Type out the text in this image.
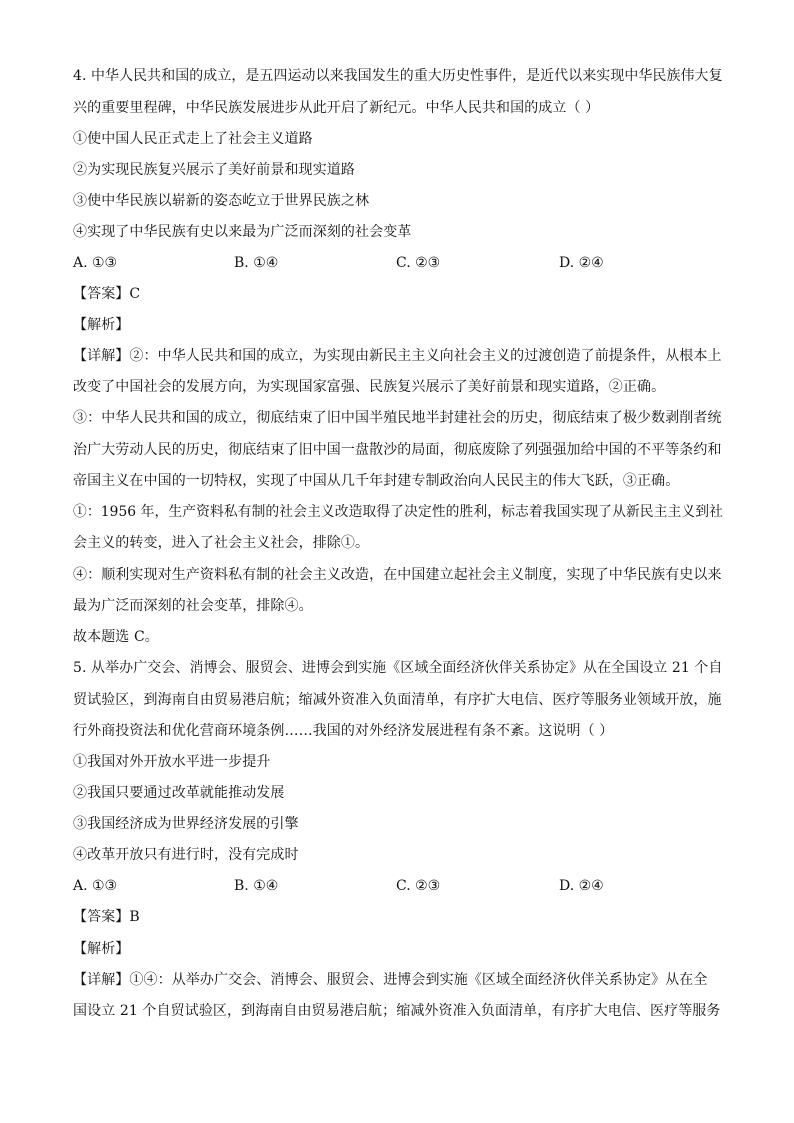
4. 中华人民共和国的成立，是五四运动以来我国发生的重大历史性事件，是近代以来实现中华民族伟大复
兴的重要里程碑，中华民族发展进步从此开启了新纪元。中华人民共和国的成立（ ）
①使中国人民正式走上了社会主义道路
②为实现民族复兴展示了美好前景和现实道路
③使中华民族以崭新的姿态屹立于世界民族之林
④实现了中华民族有史以来最为广泛而深刻的社会变革
A. ①③	B. ①④	C. ②③	D. ②④
【答案】C
【解析】
【详解】②：中华人民共和国的成立，为实现由新民主主义向社会主义的过渡创造了前提条件，从根本上
改变了中国社会的发展方向，为实现国家富强、民族复兴展示了美好前景和现实道路，②正确。
③：中华人民共和国的成立，彻底结束了旧中国半殖民地半封建社会的历史，彻底结束了极少数剥削者统
治广大劳动人民的历史，彻底结束了旧中国一盘散沙的局面，彻底废除了列强强加给中国的不平等条约和
帝国主义在中国的一切特权，实现了中国从几千年封建专制政治向人民民主的伟大飞跃，③正确。
①：1956 年，生产资料私有制的社会主义改造取得了决定性的胜利，标志着我国实现了从新民主主义到社
会主义的转变，进入了社会主义社会，排除①。
④：顺利实现对生产资料私有制的社会主义改造，在中国建立起社会主义制度，实现了中华民族有史以来
最为广泛而深刻的社会变革，排除④。
故本题选 C。
5. 从举办广交会、消博会、服贸会、进博会到实施《区域全面经济伙伴关系协定》从在全国设立 21 个自
贸试验区，到海南自由贸易港启航；缩减外资准入负面清单，有序扩大电信、医疗等服务业领域开放，施
行外商投资法和优化营商环境条例……我国的对外经济发展进程有条不紊。这说明（ ）
①我国对外开放水平进一步提升
②我国只要通过改革就能推动发展
③我国经济成为世界经济发展的引擎
④改革开放只有进行时，没有完成时
A. ①③	B. ①④	C. ②③	D. ②④
【答案】B
【解析】
【详解】①④：从举办广交会、消博会、服贸会、进博会到实施《区域全面经济伙伴关系协定》从在全
国设立 21 个自贸试验区，到海南自由贸易港启航；缩减外资准入负面清单，有序扩大电信、医疗等服务
